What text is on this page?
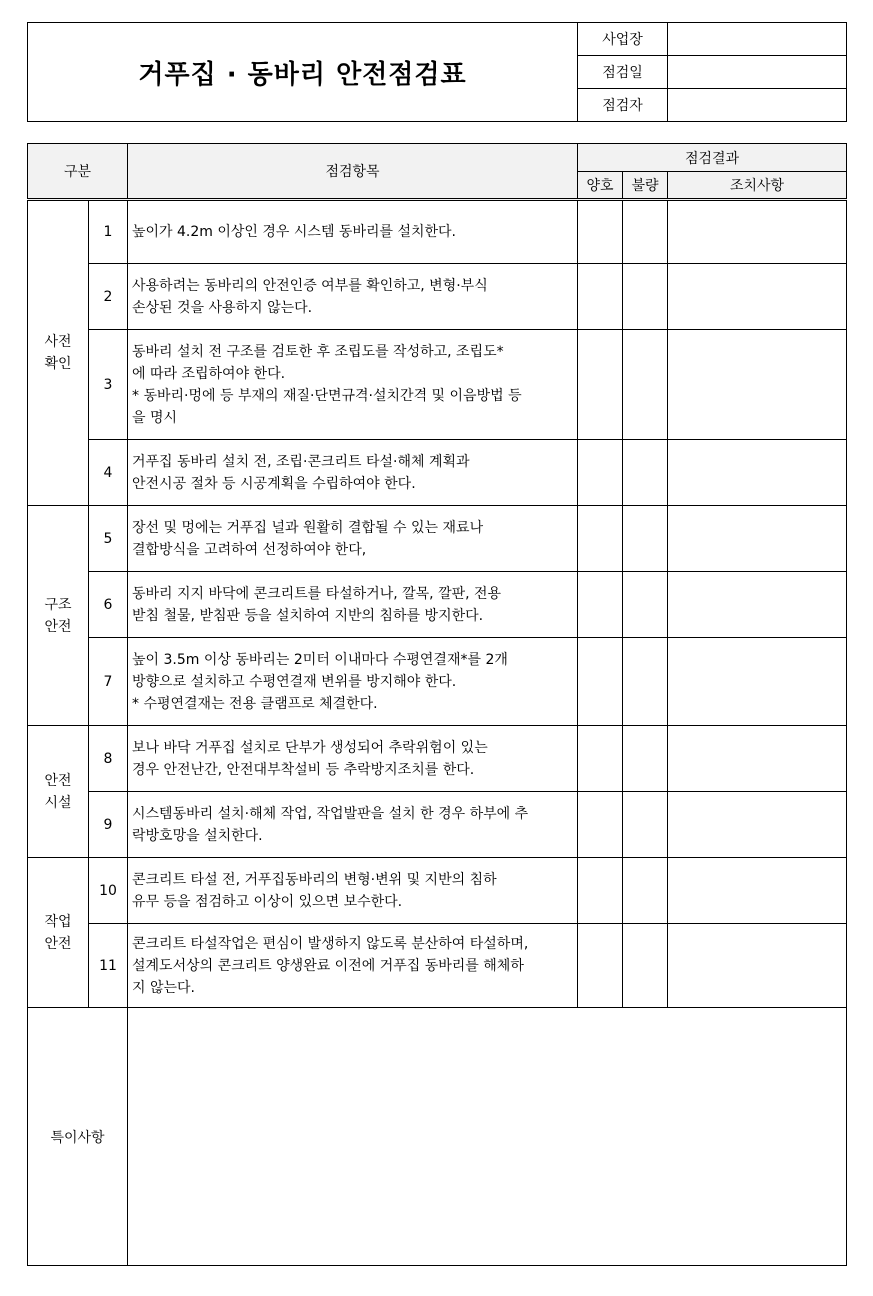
거푸집 · 동바리 안전점검표	사업장	
	점검일	
	점검자	
구분		점검항목	점검결과		
			양호	불량	조치사항
사전
확인	1	높이가 4.2m 이상인 경우 시스템 동바리를 설치한다.			
	2	사용하려는 동바리의 안전인증 여부를 확인하고, 변형·부식
손상된 것을 사용하지 않는다.			
	3	동바리 설치 전 구조를 검토한 후 조립도를 작성하고, 조립도*
에 따라 조립하여야 한다.
* 동바리·멍에 등 부재의 재질·단면규격·설치간격 및 이음방법 등
을 명시			
	4	거푸집 동바리 설치 전, 조립·콘크리트 타설·해체 계획과
안전시공 절차 등 시공계획을 수립하여야 한다.			
구조
안전	5	장선 및 멍에는 거푸집 널과 원활히 결합될 수 있는 재료나
결합방식을 고려하여 선정하여야 한다,			
	6	동바리 지지 바닥에 콘크리트를 타설하거나, 깔목, 깔판, 전용
받침 철물, 받침판 등을 설치하여 지반의 침하를 방지한다.			
	7	높이 3.5m 이상 동바리는 2미터 이내마다 수평연결재*를 2개
방향으로 설치하고 수평연결재 변위를 방지해야 한다.
* 수평연결재는 전용 클램프로 체결한다.			
안전
시설	8	보나 바닥 거푸집 설치로 단부가 생성되어 추락위험이 있는
경우 안전난간, 안전대부착설비 등 추락방지조치를 한다.			
	9	시스템동바리 설치·해체 작업, 작업발판을 설치 한 경우 하부에 추
락방호망을 설치한다.			
작업
안전	10	콘크리트 타설 전, 거푸집동바리의 변형·변위 및 지반의 침하
유무 등을 점검하고 이상이 있으면 보수한다.			
	11	콘크리트 타설작업은 편심이 발생하지 않도록 분산하여 타설하며,
설계도서상의 콘크리트 양생완료 이전에 거푸집 동바리를 해체하
지 않는다.			
특이사항					
